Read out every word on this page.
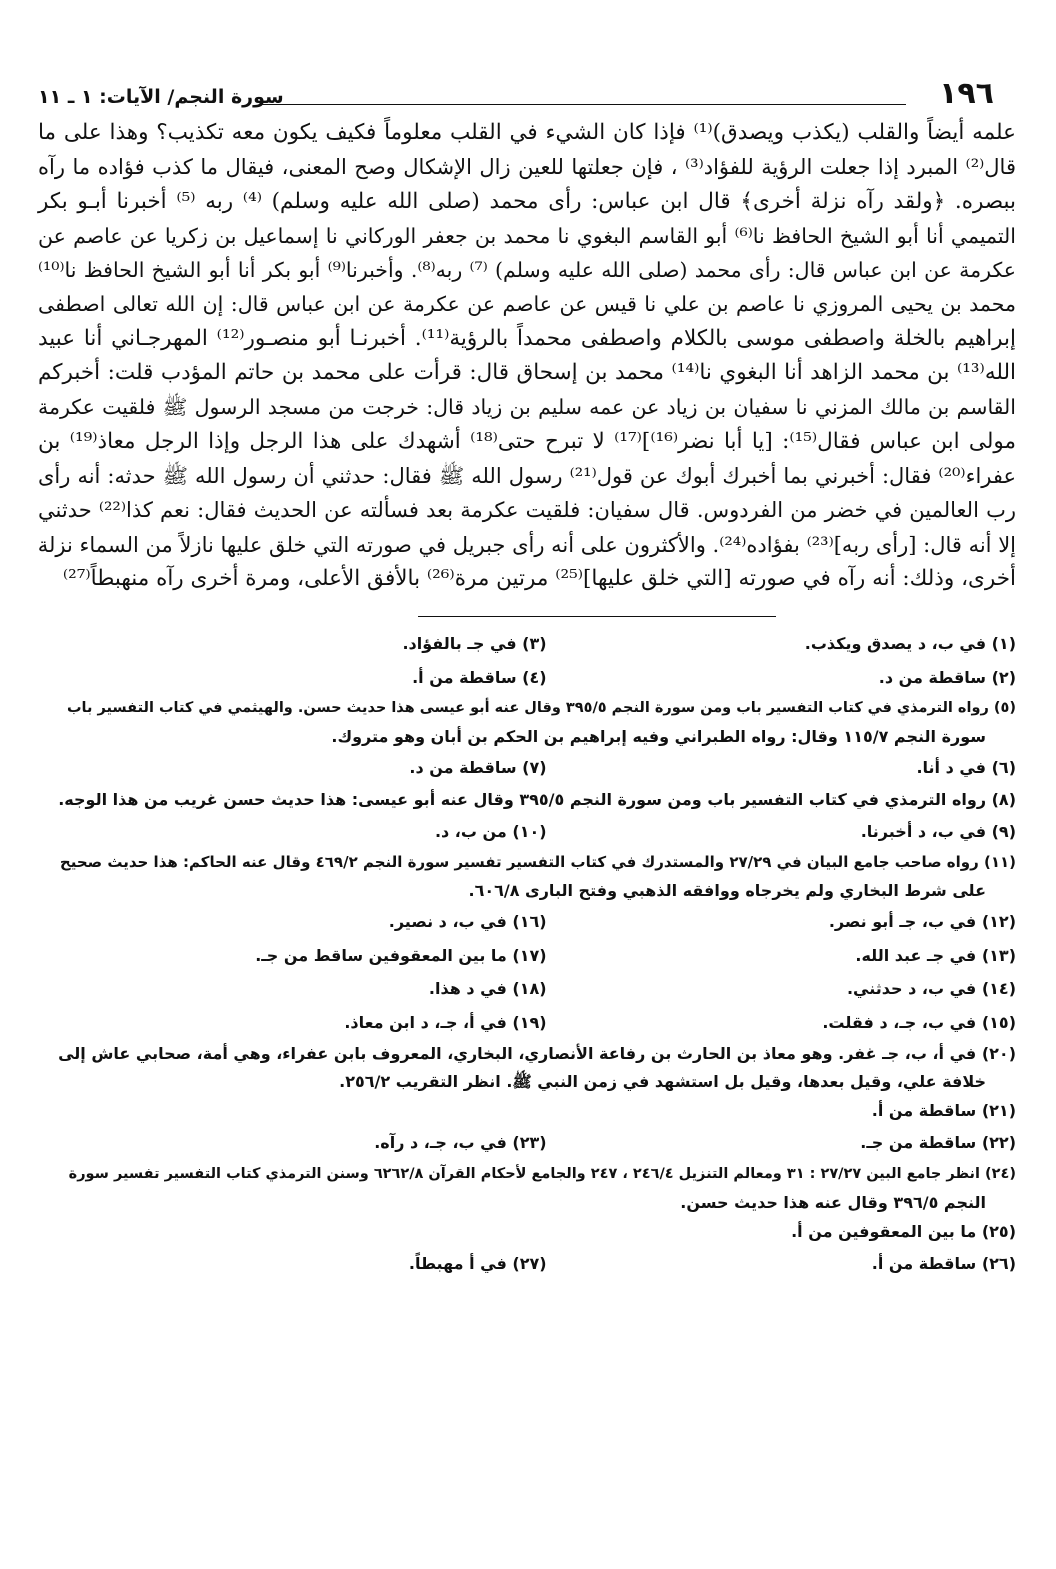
١٩٦
سورة النجم/ الآيات: ١ ـ ١١
علمه أيضاً والقلب (يكذب ويصدق)⁽¹⁾ فإذا كان الشيء في القلب معلوماً فكيف يكون معه تكذيب؟ وهذا على ما
قال⁽²⁾ المبرد إذا جعلت الرؤية للفؤاد⁽³⁾ ، فإن جعلتها للعين زال الإشكال وصح المعنى، فيقال ما كذب فؤاده ما رآه
ببصره. ﴿ولقد رآه نزلة أخرى﴾ قال ابن عباس: رأى محمد (صلى الله عليه وسلم) ⁽⁴⁾ ربه ⁽⁵⁾ أخبرنا أبـو بكر
التميمي أنا أبو الشيخ الحافظ نا⁽⁶⁾ أبو القاسم البغوي نا محمد بن جعفر الوركاني نا إسماعيل بن زكريا عن عاصم عن
عكرمة عن ابن عباس قال: رأى محمد (صلى الله عليه وسلم) ⁽⁷⁾ ربه⁽⁸⁾. وأخبرنا⁽⁹⁾ أبو بكر أنا أبو الشيخ الحافظ نا⁽¹⁰⁾
محمد بن يحيى المروزي نا عاصم بن علي نا قيس عن عاصم عن عكرمة عن ابن عباس قال: إن الله تعالى اصطفى
إبراهيم بالخلة واصطفى موسى بالكلام واصطفى محمداً بالرؤية⁽¹¹⁾. أخبرنـا أبو منصـور⁽¹²⁾ المهرجـاني أنا عبيد
الله⁽¹³⁾ بن محمد الزاهد أنا البغوي نا⁽¹⁴⁾ محمد بن إسحاق قال: قرأت على محمد بن حاتم المؤدب قلت: أخبركم
القاسم بن مالك المزني نا سفيان بن زياد عن عمه سليم بن زياد قال: خرجت من مسجد الرسول ﷺ فلقيت عكرمة
مولى ابن عباس فقال⁽¹⁵⁾: [يا أبا نضر⁽¹⁶⁾]⁽¹⁷⁾ لا تبرح حتى⁽¹⁸⁾ أشهدك على هذا الرجل وإذا الرجل معاذ⁽¹⁹⁾ بن
عفراء⁽²⁰⁾ فقال: أخبرني بما أخبرك أبوك عن قول⁽²¹⁾ رسول الله ﷺ فقال: حدثني أن رسول الله ﷺ حدثه: أنه رأى
رب العالمين في خضر من الفردوس. قال سفيان: فلقيت عكرمة بعد فسألته عن الحديث فقال: نعم كذا⁽²²⁾ حدثني
إلا أنه قال: [رأى ربه]⁽²³⁾ بفؤاده⁽²⁴⁾. والأكثرون على أنه رأى جبريل في صورته التي خلق عليها نازلاً من السماء نزلة
أخرى، وذلك: أنه رآه في صورته [التي خلق عليها]⁽²⁵⁾ مرتين مرة⁽²⁶⁾ بالأفق الأعلى، ومرة أخرى رآه منهبطاً⁽²⁷⁾
(١) في ب، د يصدق ويكذب.
(٣) في جـ بالفؤاد.
(٢) ساقطة من د.
(٤) ساقطة من أ.
(٥) رواه الترمذي في كتاب التفسير باب ومن سورة النجم ٣٩٥/٥ وقال عنه أبو عيسى هذا حديث حسن. والهيثمي في كتاب التفسير باب
سورة النجم ١١٥/٧ وقال: رواه الطبراني وفيه إبراهيم بن الحكم بن أبان وهو متروك.
(٦) في د أنا.
(٧) ساقطة من د.
(٨) رواه الترمذي في كتاب التفسير باب ومن سورة النجم ٣٩٥/٥ وقال عنه أبو عيسى: هذا حديث حسن غريب من هذا الوجه.
(٩) في ب، د أخبرنا.
(١٠) من ب، د.
(١١) رواه صاحب جامع البيان في ٢٧/٢٩ والمستدرك في كتاب التفسير تفسير سورة النجم ٤٦٩/٢ وقال عنه الحاكم: هذا حديث صحيح
على شرط البخاري ولم يخرجاه ووافقه الذهبي وفتح البارى ٦٠٦/٨.
(١٢) في ب، جـ أبو نصر.
(١٦) في ب، د نصير.
(١٣) في جـ عبد الله.
(١٧) ما بين المعقوفين ساقط من جـ.
(١٤) في ب، د حدثني.
(١٨) في د هذا.
(١٥) في ب، جـ، د فقلت.
(١٩) في أ، جـ، د ابن معاذ.
(٢٠) في أ، ب، جـ غفر. وهو معاذ بن الحارث بن رفاعة الأنصاري، البخاري، المعروف بابن عفراء، وهي أمة، صحابي عاش إلى
خلافة علي، وقيل بعدها، وقيل بل استشهد في زمن النبي ﷺ. انظر التقريب ٢٥٦/٢.
(٢١) ساقطة من أ.
(٢٢) ساقطة من جـ.
(٢٣) في ب، جـ، د رآه.
(٢٤) انظر جامع البين ٢٧/٢٧ : ٣١ ومعالم التنزيل ٢٤٦/٤ ، ٢٤٧ والجامع لأحكام القرآن ٦٢٦٢/٨ وسنن الترمذي كتاب التفسير تفسير سورة
النجم ٣٩٦/٥ وقال عنه هذا حديث حسن.
(٢٥) ما بين المعقوفين من أ.
(٢٦) ساقطة من أ.
(٢٧) في أ مهبطاً.
